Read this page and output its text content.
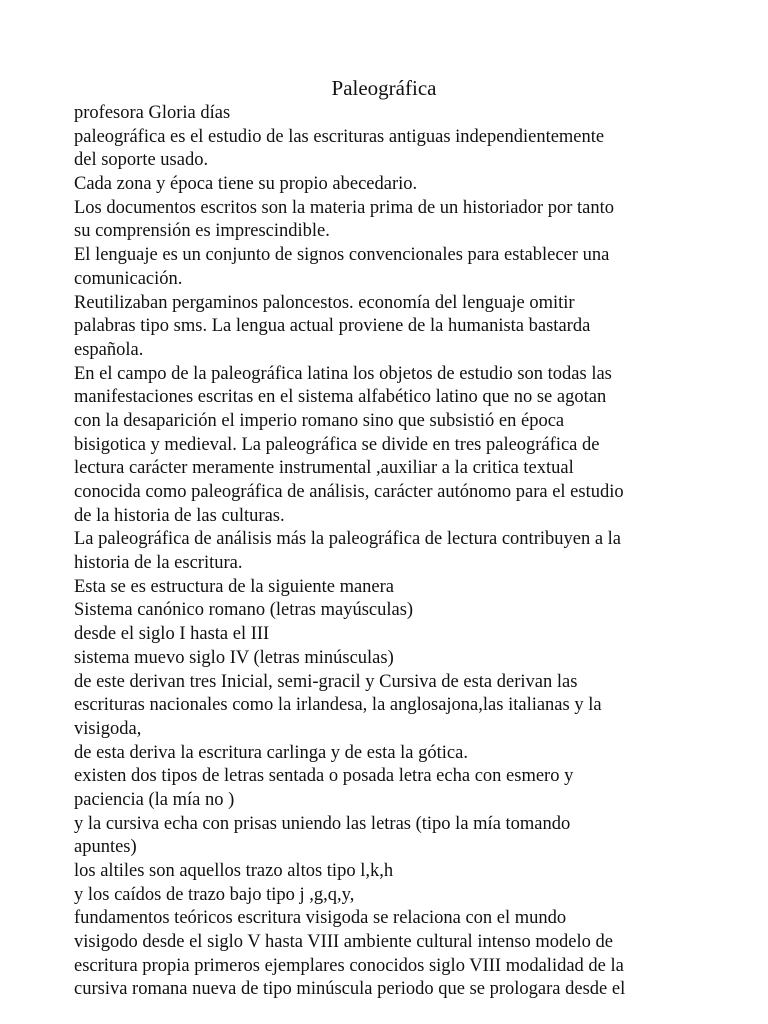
Paleográfica
profesora Gloria días
paleográfica es el estudio de las escrituras antiguas independientemente
del soporte usado.
Cada zona y época tiene su propio abecedario.
Los documentos escritos son la materia prima de un historiador por tanto
su comprensión es imprescindible.
El lenguaje es un conjunto de signos convencionales para establecer una
comunicación.
Reutilizaban pergaminos paloncestos. economía del lenguaje omitir
palabras tipo sms. La lengua actual proviene de la humanista bastarda
española.
En el campo de la paleográfica latina los objetos de estudio son todas las
manifestaciones escritas en el sistema alfabético latino que no se agotan
con la desaparición el imperio romano sino que subsistió en época
bisigotica y medieval. La paleográfica se divide en tres paleográfica de
lectura carácter meramente instrumental ,auxiliar a la critica textual
conocida como paleográfica de análisis, carácter autónomo para el estudio
de la historia de las culturas.
La paleográfica de análisis más la paleográfica de lectura contribuyen a la
historia de la escritura.
Esta se es estructura de la siguiente manera
Sistema canónico romano (letras mayúsculas)
desde el siglo I hasta el III
sistema muevo siglo IV (letras minúsculas)
de este derivan tres Inicial, semi-gracil y Cursiva de esta derivan las
escrituras nacionales como la irlandesa, la anglosajona,las italianas y la
visigoda,
de esta deriva la escritura carlinga y de esta la gótica.
existen dos tipos de letras sentada o posada letra echa con esmero y
paciencia (la mía no )
y la cursiva echa con prisas uniendo las letras (tipo la mía tomando
apuntes)
los altiles son aquellos trazo altos tipo l,k,h
y los caídos de trazo bajo tipo j ,g,q,y,
fundamentos teóricos escritura visigoda se relaciona con el mundo
visigodo desde el siglo V hasta VIII ambiente cultural intenso modelo de
escritura propia primeros ejemplares conocidos siglo VIII modalidad de la
cursiva romana nueva de tipo minúscula periodo que se prologara desde el
